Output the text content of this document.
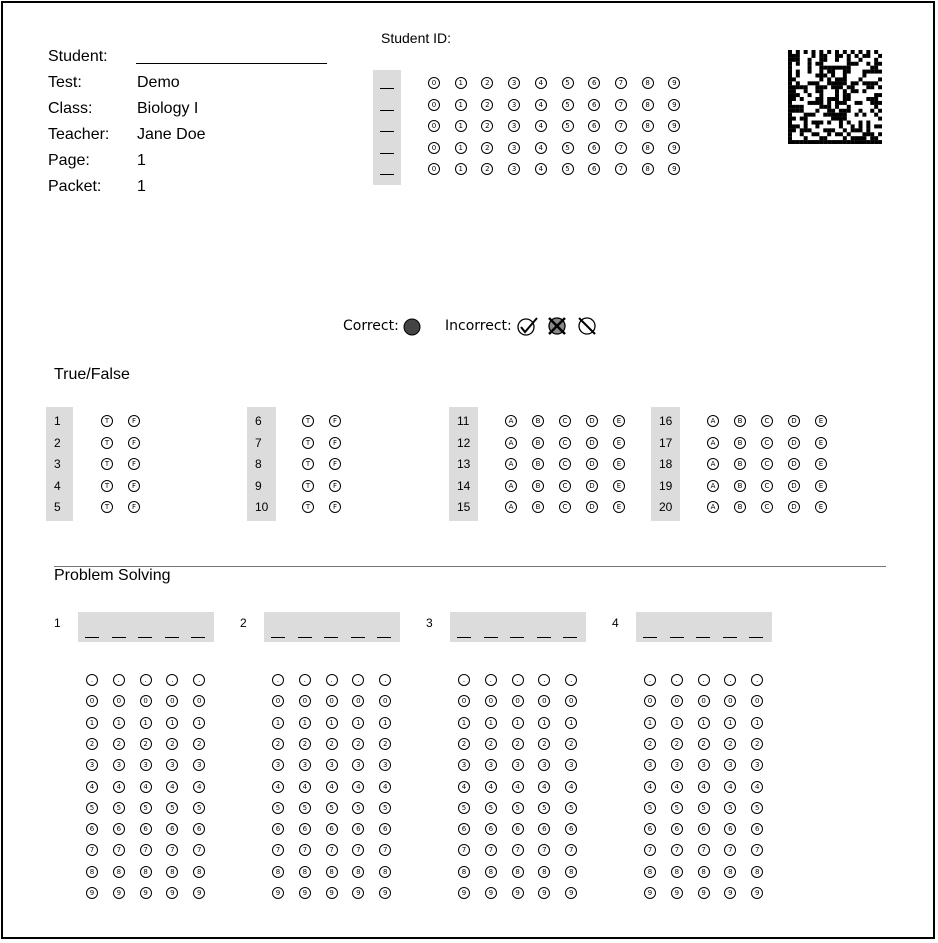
Student:
Test:	Demo
Class:	Biology I
Teacher: Jane Doe
Page:	1
Packet: 1
Student ID:
0	1	2	3	4	5	6	7	8	9
0	1	2	3	4	5	6	7	8	9
0	1	2	3	4	5	6	7	8	9
0	1	2	3	4	5	6	7	8	9
0	1	2	3	4	5	6	7	8	9
Correct:	Incorrect:
True/False
1	T	F
2	T	F
3	T	F
4	T	F
5	T	F
6	T	F
7	T	F
8	T	F
9	T	F
10	T	F
11	A	B	C	D	E
12	A	B	C	D	E
13	A	B	C	D	E
14	A	B	C	D	E
15	A	B	C	D	E
16	A	B	C	D	E
17	A	B	C	D	E
18	A	B	C	D	E
19	A	B	C	D	E
20	A	B	C	D	E
Problem Solving
1
.	.	.	.	.
0	0	0	0	0
1	1	1	1	1
2	2	2	2	2
3	3	3	3	3
4	4	4	4	4
5	5	5	5	5
6	6	6	6	6
7	7	7	7	7
8	8	8	8	8
9	9	9	9	9
2
.	.	.	.	.
0	0	0	0	0
1	1	1	1	1
2	2	2	2	2
3	3	3	3	3
4	4	4	4	4
5	5	5	5	5
6	6	6	6	6
7	7	7	7	7
8	8	8	8	8
9	9	9	9	9
3
.	.	.	.	.
0	0	0	0	0
1	1	1	1	1
2	2	2	2	2
3	3	3	3	3
4	4	4	4	4
5	5	5	5	5
6	6	6	6	6
7	7	7	7	7
8	8	8	8	8
9	9	9	9	9
4
.	.	.	.	.
0	0	0	0	0
1	1	1	1	1
2	2	2	2	2
3	3	3	3	3
4	4	4	4	4
5	5	5	5	5
6	6	6	6	6
7	7	7	7	7
8	8	8	8	8
9	9	9	9	9
